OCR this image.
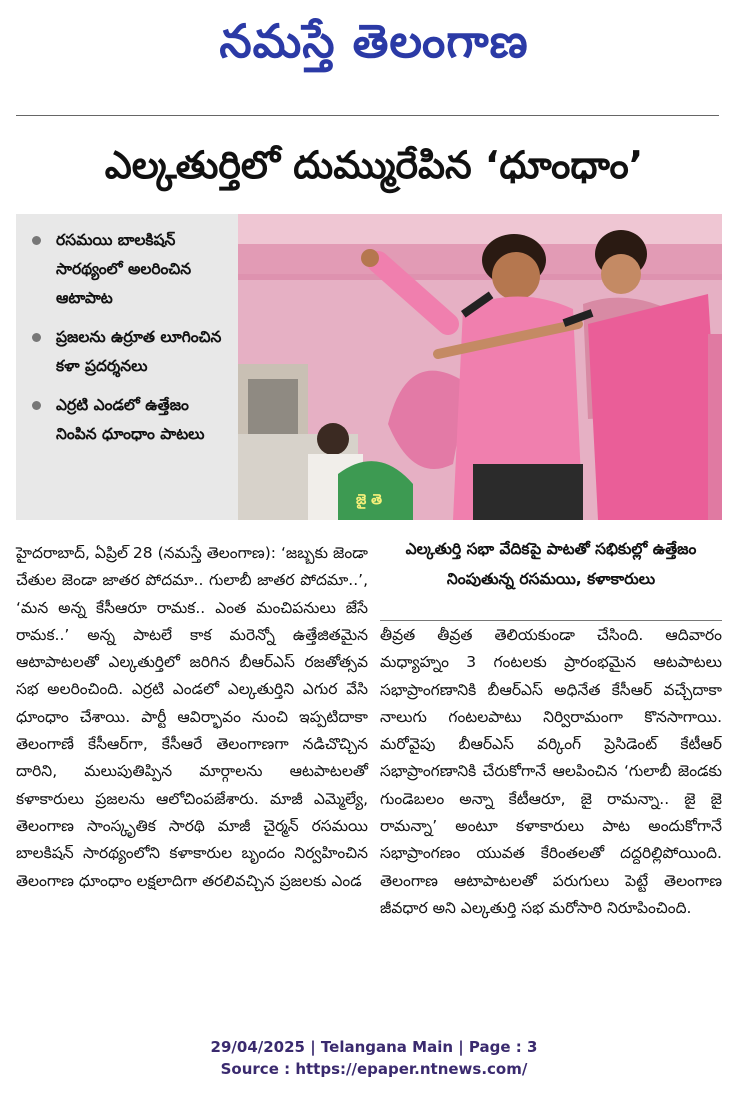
నమస్తే తెలంగాణ
ఎల్కతుర్తిలో దుమ్మురేపిన ‘ధూంధాం’
రసమయి బాలకిషన్ సారథ్యంలో అలరించిన ఆటాపాట
ప్రజలను ఉర్రూత లూగించిన కళా ప్రదర్శనలు
ఎర్రటి ఎండలో ఉత్తేజం నింపిన ధూంధాం పాటలు
జై తె
ఎల్కతుర్తి సభా వేదికపై పాటతో సభికుల్లో ఉత్తేజం నింపుతున్న రసమయి, కళాకారులు

హైదరాబాద్, ఏప్రిల్ 28 (నమస్తే తెలంగాణ): ‘జబ్బకు జెండా చేతుల జెండా జాతర పోదమా.. గులాబీ జాతర పోదమా..’, ‘మన అన్న కేసీఆరూ రామక.. ఎంత మంచిపనులు జేసే రామక..’ అన్న పాటలే కాక మరెన్నో ఉత్తేజితమైన ఆటాపాటలతో ఎల్కతుర్తిలో జరిగిన బీఆర్‌ఎస్ రజతోత్సవ సభ అలరించింది. ఎర్రటి ఎండలో ఎల్కతుర్తిని ఎగుర వేసి ధూంధాం చేశాయి. పార్టీ ఆవిర్భావం నుంచి ఇప్పటిదాకా తెలంగాణే కేసీఆర్‌గా, కేసీఆరే తెలంగాణగా నడిచొచ్చిన దారిని, మలుపుతిప్పిన మార్గాలను ఆటపాటలతో కళాకారులు ప్రజలను ఆలోచింపజేశారు. మాజీ ఎమ్మెల్యే, తెలంగాణ సాంస్కృతిక సారథి మాజీ చైర్మన్ రసమయి బాలకిషన్ సారథ్యంలోని కళాకారుల బృందం నిర్వహించిన తెలంగాణ ధూంధాం లక్షలాదిగా తరలివచ్చిన ప్రజలకు ఎండ

తీవ్రత తీవ్రత తెలియకుండా చేసింది. ఆదివారం మధ్యాహ్నం 3 గంటలకు ప్రారంభమైన ఆటపాటలు సభాప్రాంగణానికి బీఆర్‌ఎస్ అధినేత కేసీఆర్ వచ్చేదాకా నాలుగు గంటలపాటు నిర్విరామంగా కొనసాగాయి. మరోవైపు బీఆర్‌ఎస్ వర్కింగ్ ప్రెసిడెంట్ కేటీఆర్ సభాప్రాంగణానికి చేరుకోగానే ఆలపించిన ‘గులాబీ జెండకు గుండెబలం అన్నా కేటీఆరూ, జై రామన్నా.. జై జై రామన్నా’ అంటూ కళాకారులు పాట అందుకోగానే సభాప్రాంగణం యువత కేరింతలతో దద్దరిల్లిపోయింది. తెలంగాణ ఆటాపాటలతో పరుగులు పెట్టే తెలంగాణ జీవధార అని ఎల్కతుర్తి సభ మరోసారి నిరూపించింది.

29/04/2025 | Telangana Main | Page : 3
Source : https://epaper.ntnews.com/
